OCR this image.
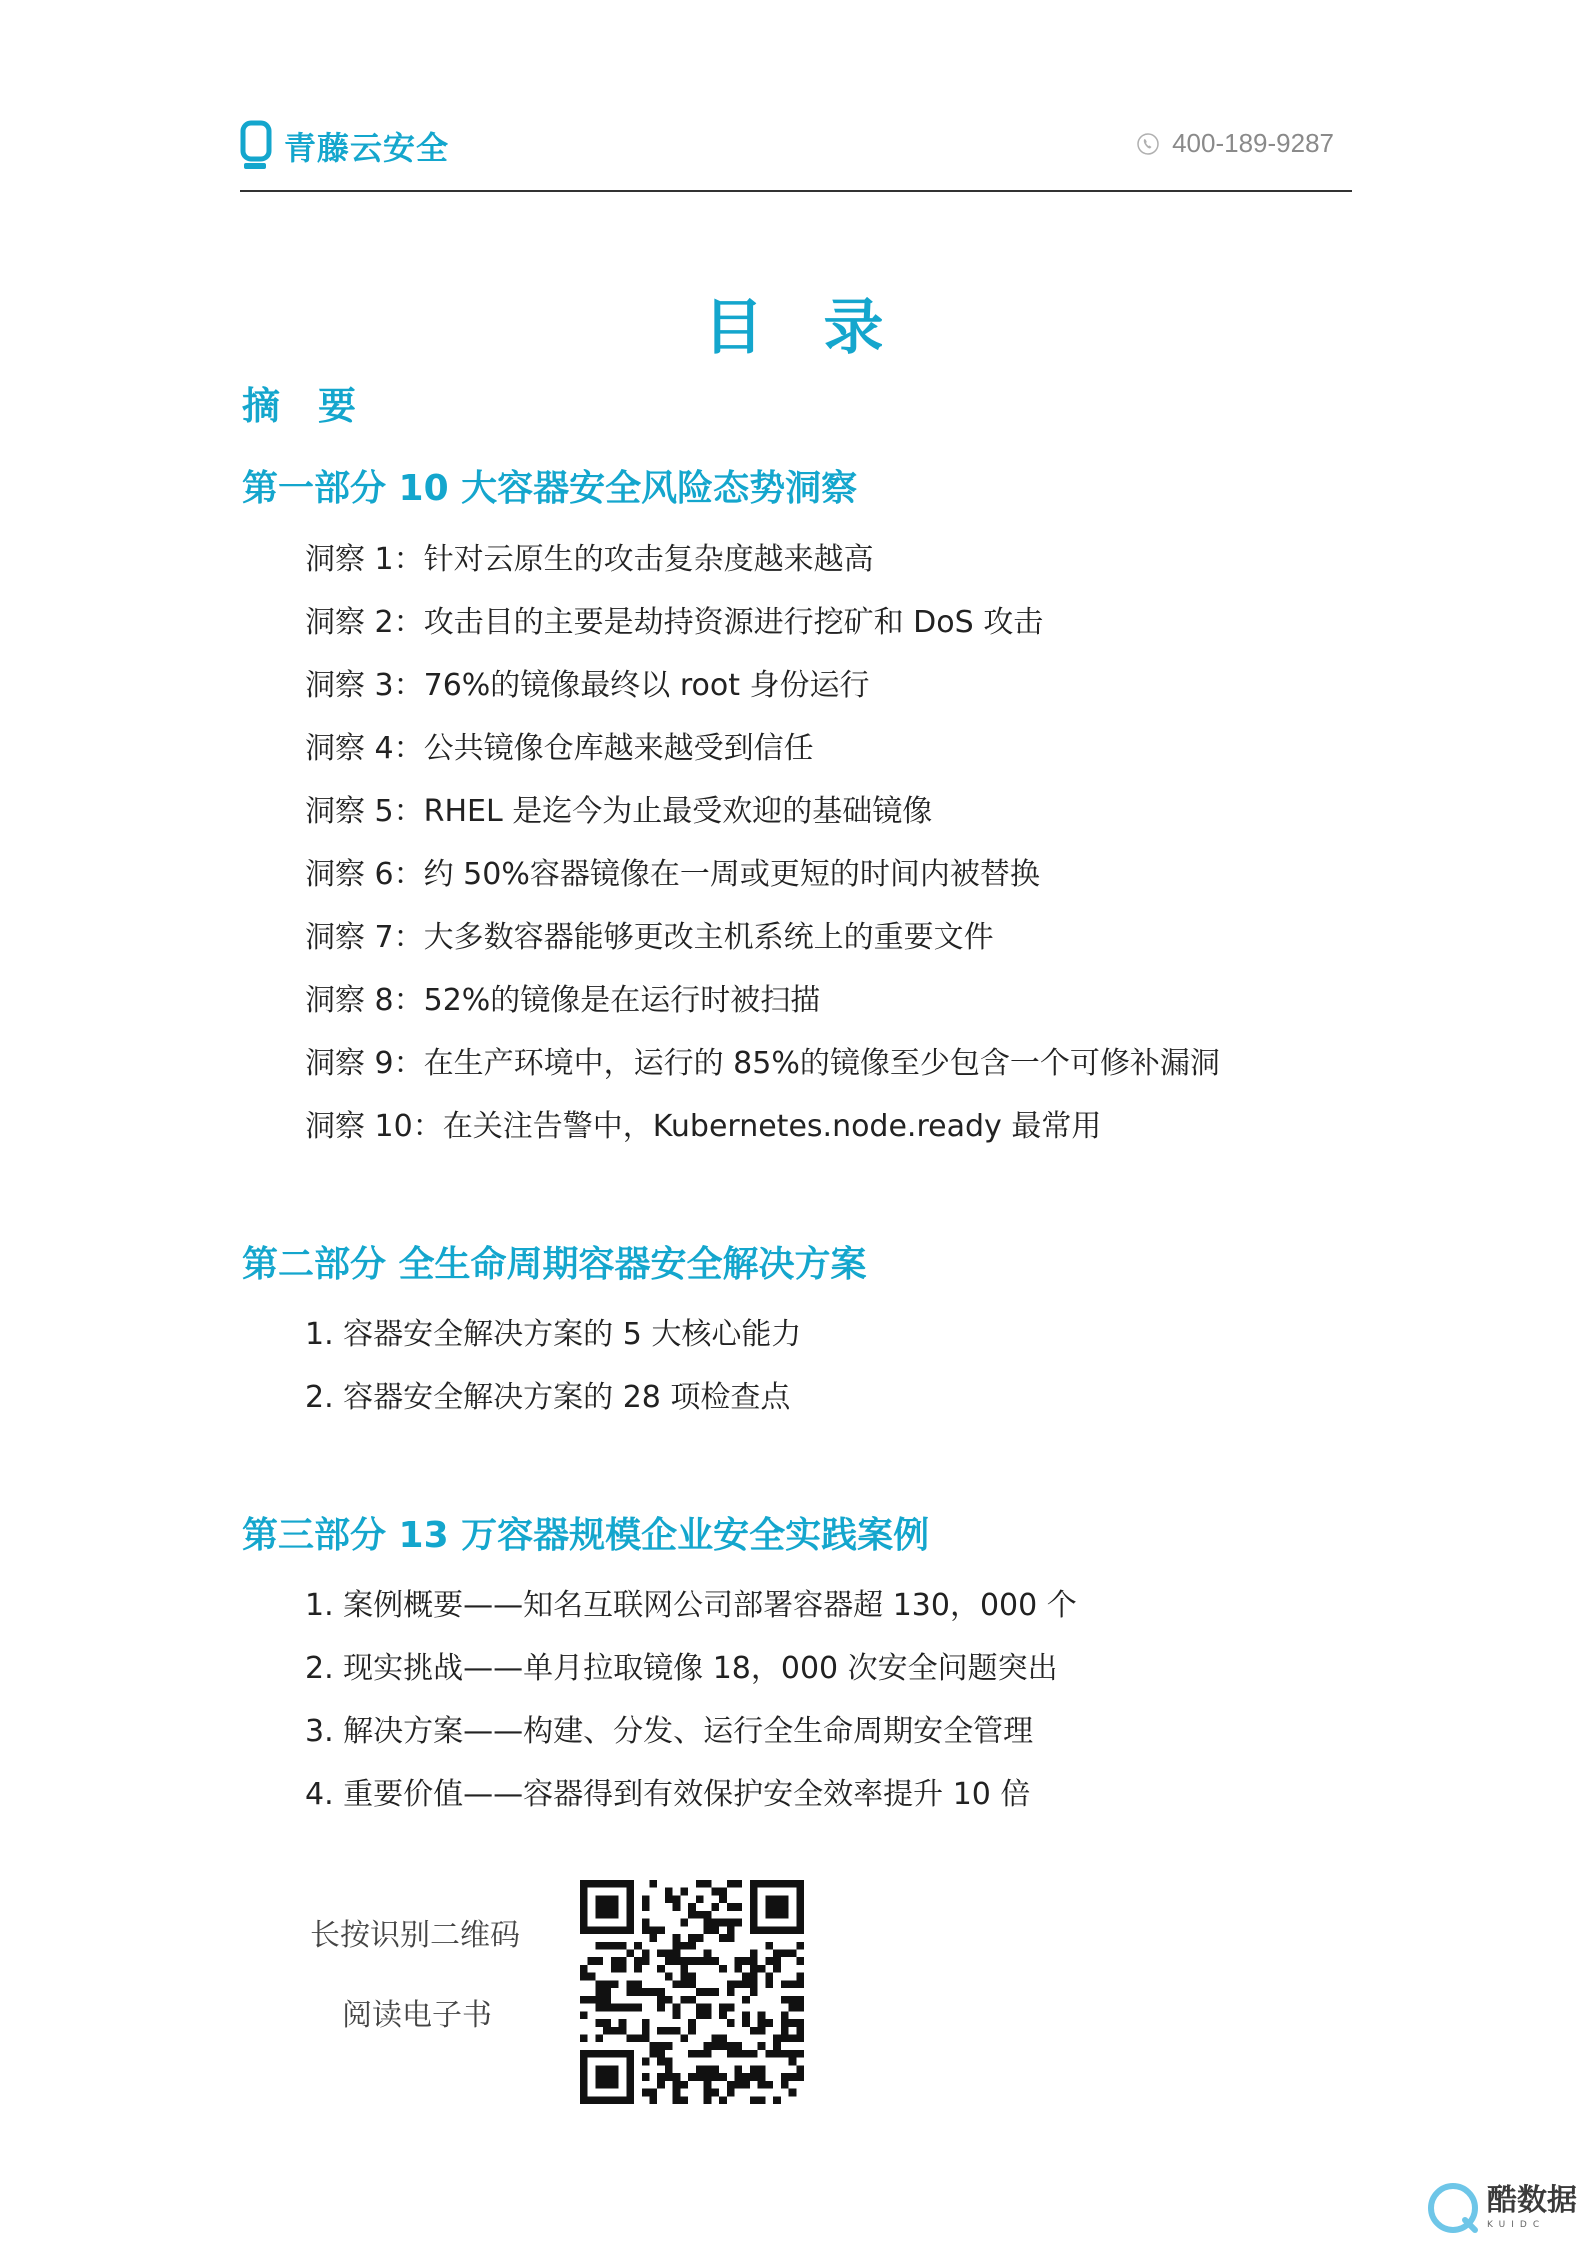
青藤云安全	400-189-9287
目录
摘要
第一部分 10 大容器安全风险态势洞察
洞察 1：针对云原生的攻击复杂度越来越高
洞察 2：攻击目的主要是劫持资源进行挖矿和 DoS 攻击
洞察 3：76%的镜像最终以 root 身份运行
洞察 4：公共镜像仓库越来越受到信任
洞察 5：RHEL 是迄今为止最受欢迎的基础镜像
洞察 6：约 50%容器镜像在一周或更短的时间内被替换
洞察 7：大多数容器能够更改主机系统上的重要文件
洞察 8：52%的镜像是在运行时被扫描
洞察 9：在生产环境中，运行的 85%的镜像至少包含一个可修补漏洞
洞察 10：在关注告警中，Kubernetes.node.ready 最常用
第二部分 全生命周期容器安全解决方案
1. 容器安全解决方案的 5 大核心能力
2. 容器安全解决方案的 28 项检查点
第三部分 13 万容器规模企业安全实践案例
1. 案例概要——知名互联网公司部署容器超 130，000 个
2. 现实挑战——单月拉取镜像 18，000 次安全问题突出
3. 解决方案——构建、分发、运行全生命周期安全管理
4. 重要价值——容器得到有效保护安全效率提升 10 倍
长按识别二维码
阅读电子书
酷数据
KUIDC
